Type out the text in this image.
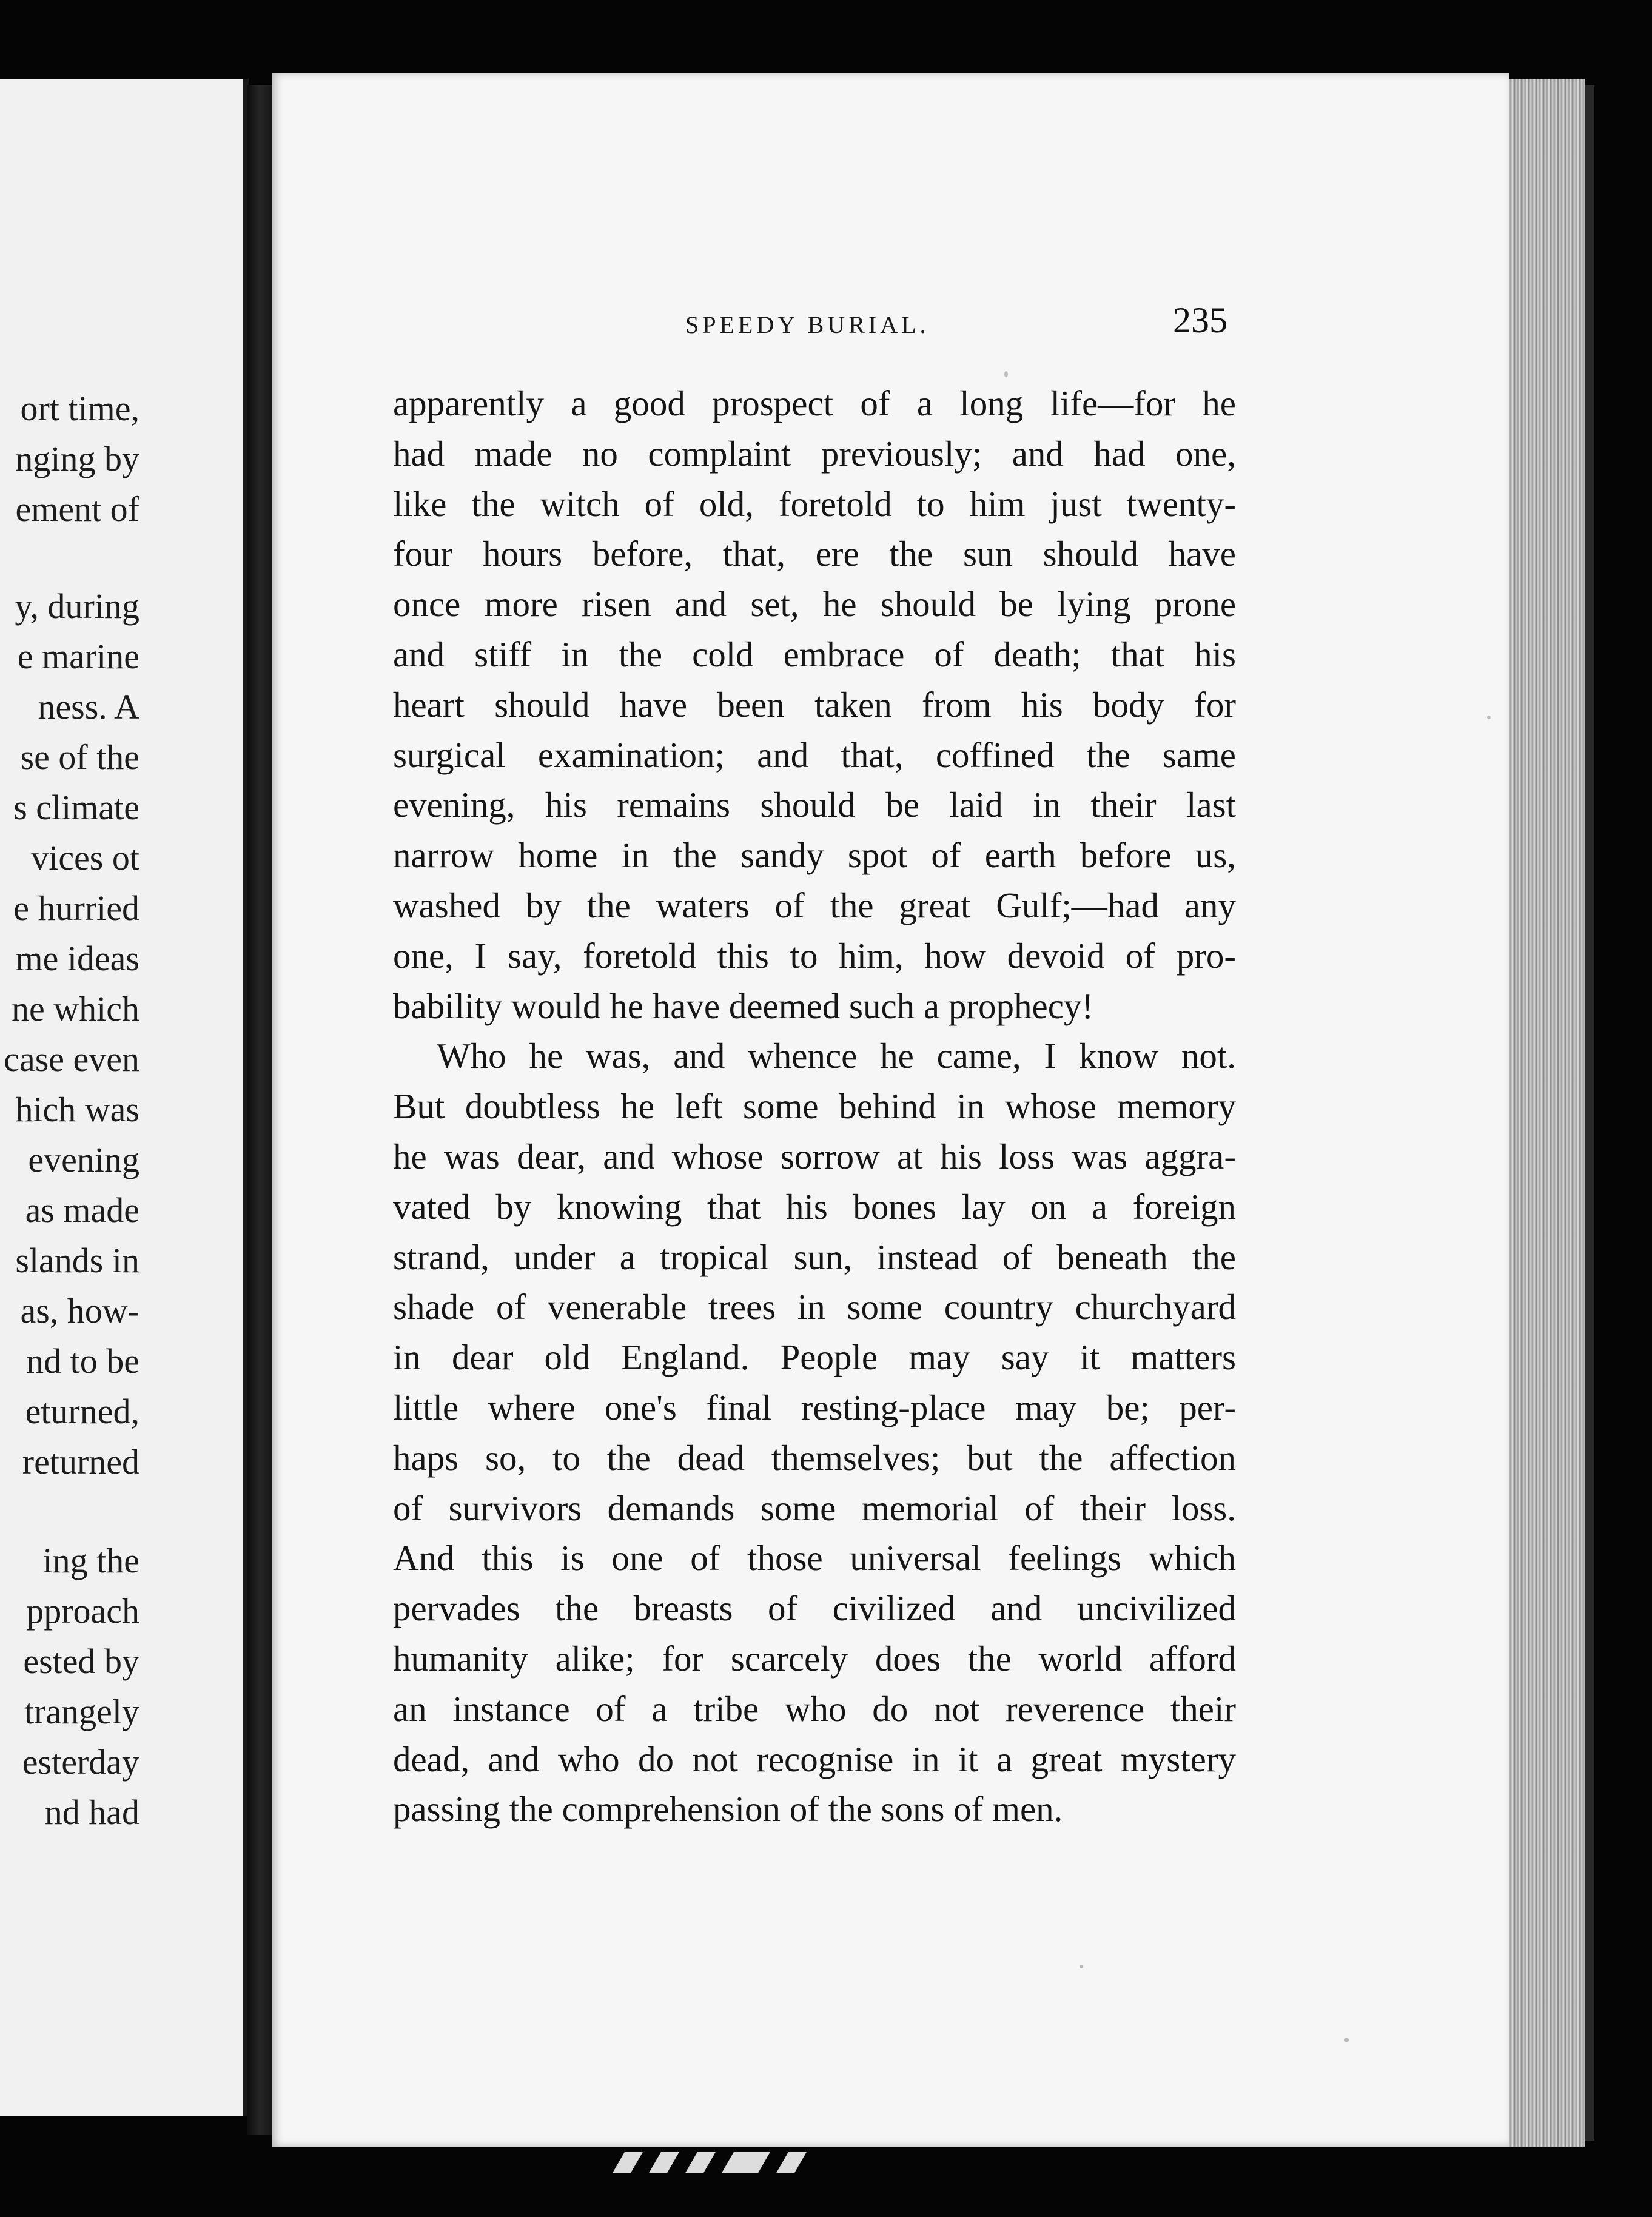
ort time,
nging by
ement of
y, during
e marine
ness. A
se of the
s climate
vices ot
e hurried
me ideas
ne which
case even
hich was
evening
as made
slands in
as, how-
nd to be
eturned,
returned
ing the
pproach
ested by
trangely
esterday
nd had
SPEEDY BURIAL.	235
apparently a good prospect of a long life—for he
had made no complaint previously; and had one,
like the witch of old, foretold to him just twenty-
four hours before, that, ere the sun should have
once more risen and set, he should be lying prone
and stiff in the cold embrace of death; that his
heart should have been taken from his body for
surgical examination; and that, coffined the same
evening, his remains should be laid in their last
narrow home in the sandy spot of earth before us,
washed by the waters of the great Gulf;—had any
one, I say, foretold this to him, how devoid of pro-
bability would he have deemed such a prophecy!
Who he was, and whence he came, I know not.
But doubtless he left some behind in whose memory
he was dear, and whose sorrow at his loss was aggra-
vated by knowing that his bones lay on a foreign
strand, under a tropical sun, instead of beneath the
shade of venerable trees in some country churchyard
in dear old England. People may say it matters
little where one's final resting-place may be; per-
haps so, to the dead themselves; but the affection
of survivors demands some memorial of their loss.
And this is one of those universal feelings which
pervades the breasts of civilized and uncivilized
humanity alike; for scarcely does the world afford
an instance of a tribe who do not reverence their
dead, and who do not recognise in it a great mystery
passing the comprehension of the sons of men.
